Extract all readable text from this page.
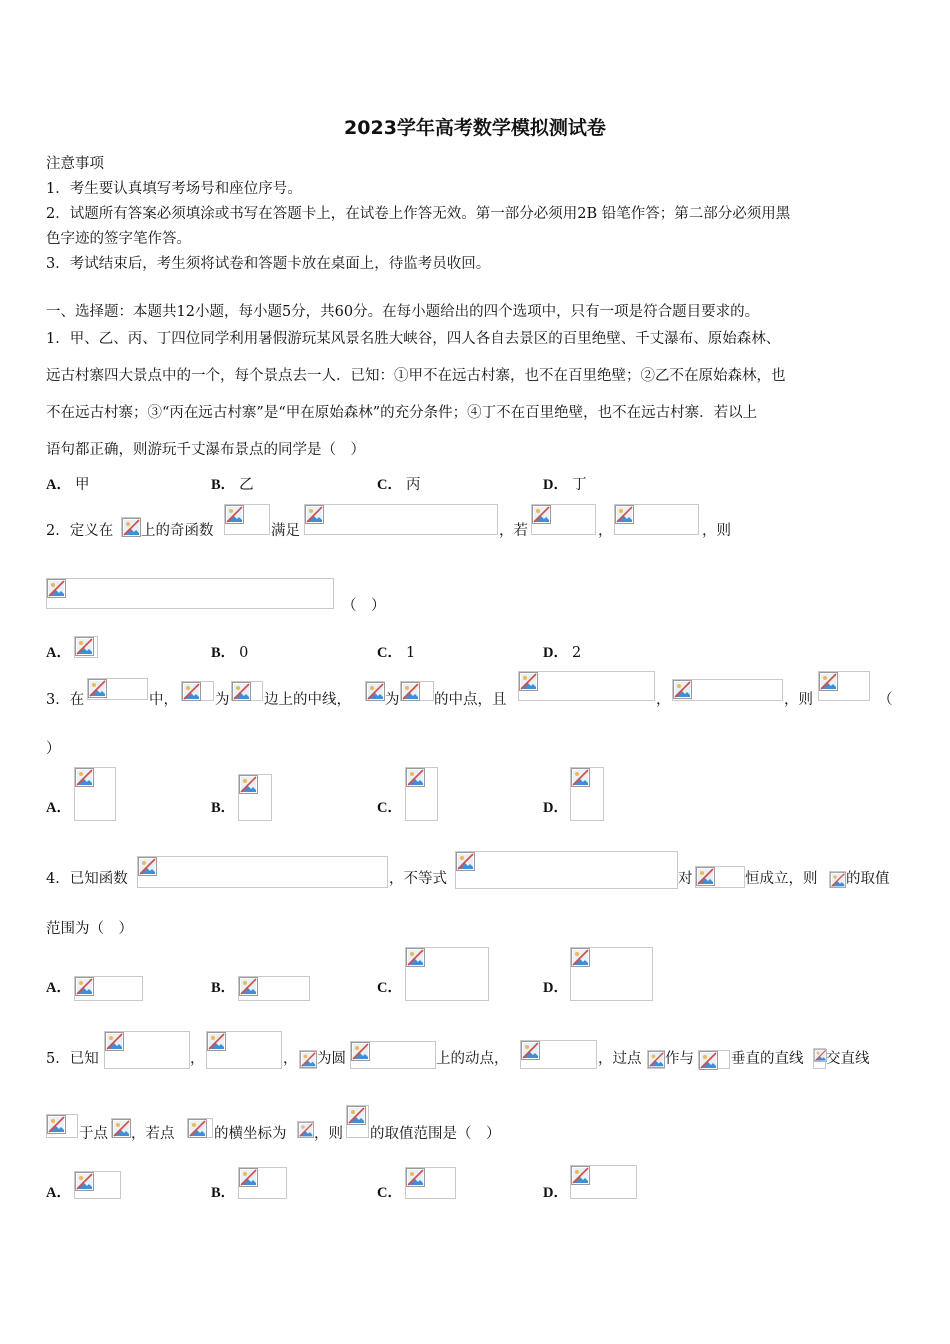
2023学年高考数学模拟测试卷
注意事项
1．考生要认真填写考场号和座位序号。
2．试题所有答案必须填涂或书写在答题卡上，在试卷上作答无效。第一部分必须用2B 铅笔作答；第二部分必须用黑
色字迹的签字笔作答。
3．考试结束后，考生须将试卷和答题卡放在桌面上，待监考员收回。
一、选择题：本题共12小题，每小题5分，共60分。在每小题给出的四个选项中，只有一项是符合题目要求的。
1．甲、乙、丙、丁四位同学利用暑假游玩某风景名胜大峡谷，四人各自去景区的百里绝壁、千丈瀑布、原始森林、
远古村寨四大景点中的一个，每个景点去一人．已知：①甲不在远古村寨，也不在百里绝壁；②乙不在原始森林，也
不在远古村寨；③“丙在远古村寨”是“甲在原始森林”的充分条件；④丁不在百里绝壁，也不在远古村寨．若以上
语句都正确，则游玩千丈瀑布景点的同学是（　）
A． 甲	B． 乙	C． 丙	D． 丁
2．定义在 上的奇函数	满足	，若	，	，则
（　）
A．	B． 0	C． 1	D． 2
3．在	中，	为 边上的中线， 为 的中点，且	，	，则	（
）
A．	B．	C．	D．
4．已知函数	，不等式	对	恒成立，则 的取值
范围为（　）
A．	B．	C．	D．
5．已知	，	， 为圆	上的动点，	，过点 作与	垂直的直线 交直线
于点 ，若点	的横坐标为 ，则 的取值范围是（　）
A．	B．	C．	D．
